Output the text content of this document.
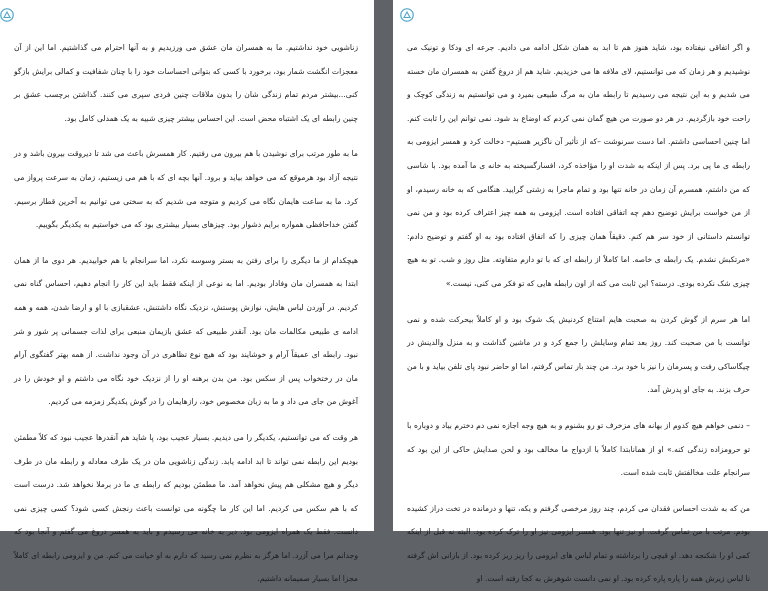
زناشویی خود نداشتیم. ما به همسران مان عشق می ورزیدیم و به آنها احترام می گذاشتیم. اما این از آن معجزات انگشت شمار بود، برخورد با کسی که بتوانی احساسات خود را با چنان شفافیت و کمالی برایش بازگو کنی...بیشتر مردم تمام زندگی شان را بدون ملاقات چنین فردی سپری می کنند. گذاشتن برچسب عشق بر چنین رابطه ای یک اشتباه محض است. این احساس بیشتر چیزی شبیه به یک همدلی کامل بود.

ما به طور مرتب برای نوشیدن با هم بیرون می رفتیم. کار همسرش باعث می شد تا دیروقت بیرون باشد و در نتیجه آزاد بود هرموقع که می خواهد بیاید و برود. آنها بچه ای که با هم می زیستیم، زمان به سرعت پرواز می کرد. ما به ساعت هایمان نگاه می کردیم و متوجه می شدیم که به سختی می توانیم به آخرین قطار برسیم. گفتن خداحافظی همواره برایم دشوار بود. چیزهای بسیار بیشتری بود که می خواستیم به یکدیگر بگوییم.

هیچکدام از ما دیگری را برای رفتن به بستر وسوسه نکرد، اما سرانجام با هم خوابیدیم. هر دوی ما از همان ابتدا به همسران مان وفادار بودیم. اما به نوعی از اینکه فقط باید این کار را انجام دهیم، احساس گناه نمی کردیم. در آوردن لباس هایش، نوازش پوستش، نزدیک نگاه داشتنش، عشقبازی با او و ارضا شدن، همه و همه ادامه ی طبیعی مکالمات مان بود. آنقدر طبیعی که عشق بازیمان منبعی برای لذات جسمانی پر شور و شر نبود. رابطه ای عمیقاً آرام و خوشایند بود که هیچ نوع تظاهری در آن وجود نداشت. از همه بهتر گفتگوی آرام مان در رختخواب پس از سکس بود. من بدن برهنه او را از نزدیک خود نگاه می داشتم و او خودش را در آغوش من جای می داد و ما به زبان مخصوص خود، رازهایمان را در گوش یکدیگر زمزمه می کردیم.

هر وقت که می توانستیم، یکدیگر را می دیدیم. بسیار عجیب بود، پا شاید هم آنقدرها عجیب نبود که کلاً مطمئن بودیم این رابطه نمی تواند تا ابد ادامه یابد. زندگی زناشویی مان در یک طرف معادله و رابطه مان در طرف دیگر و هیچ مشکلی هم پیش نخواهد آمد. ما مطمئن بودیم که رابطه ی ما در برملا نخواهد شد. درست است که با هم سکس می کردیم. اما این کار ما چگونه می توانست باعث رنجش کسی شود؟ کسی چیزی نمی دانست. فقط یک همراه ایزومی بود. دیر به خانه می رسیدم و باید به همسر دروغ می گفتم و آنجا بود که وجدانم مرا می آزرد. اما هرگز به نظرم نمی رسید که دارم به او خیانت می کنم. من و ایزومی رابطه ای کاملاً مجزا اما بسیار صمیمانه داشتیم.

و اگر اتفاقی نیفتاده بود، شاید هنوز هم تا ابد به همان شکل ادامه می دادیم. جرعه ای ودکا و تونیک می نوشیدیم و هر زمان که می توانستیم، لای ملافه ها می خزیدیم. شاید هم از دروغ گفتن به همسران مان خسته می شدیم و به این نتیجه می رسیدیم تا رابطه مان به مرگ طبیعی بمیرد و می توانستیم به زندگی کوچک و راحت خود بازگردیم. در هر دو صورت من هیچ گمان نمی کردم که اوضاع بد شود. نمی توانم این را ثابت کنم. اما چنین احساسی داشتم. اما دست سرنوشت –که از تأثیر آن ناگزیر هستیم– دخالت کرد و همسر ایزومی به رابطه ی ما پی برد. پس از اینکه به شدت او را مؤاخذه کرد، افسارگسیخته به خانه ی ما آمده بود. با شاسی که من داشتم، همسرم آن زمان در خانه تنها بود و تمام ماجرا به زشتی گرایید. هنگامی که به خانه رسیدم، او از من خواست برایش توضیح دهم چه اتفاقی افتاده است. ایزومی به همه چیز اعتراف کرده بود و من نمی توانستم داستانی از خود سر هم کنم. دقیقاً همان چیزی را که اتفاق افتاده بود به او گفتم و توضیح دادم: «مرتکبش نشدم. یک رابطه ی خاصه. اما کاملاً از رابطه ای که با تو دارم متفاوته. مثل روز و شب. تو به هیچ چیزی شک نکرده بودی. درسته؟ این ثابت می کنه از اون رابطه هایی که تو فکر می کنی، نیست.»

اما هر سرم از گوش کردن به صحبت هایم امتناع کردنیش یک شوک بود و او کاملاً بیحرکت شده و نمی توانست با من صحبت کند. روز بعد تمام وسایلش را جمع کرد و در ماشین گذاشت و به منزل والدینش در چیگاساکی رفت و پسرمان را نیز با خود برد. من چند بار تماس گرفتم، اما او حاضر نبود پای تلفن بیاید و با من حرف بزند. به جای او پدرش آمد.

– دنمی خواهم هیچ کدوم از بهانه های مزخرف تو رو بشنوم و به هیچ وجه اجازه نمی دم دخترم بیاد و دوباره با تو حرومزاده زندگی کنه.» او از همانابتدا کاملاً با ازدواج ما مخالف بود و لحن صدایش حاکی از این بود که سرانجام علت مخالفتش ثابت شده است.

من که به شدت احساس فقدان می کردم، چند روز مرخصی گرفتم و یکه، تنها و درمانده در تخت دراز کشیده بودم. مرتب با من تماس گرفت. او نیز تنها بود. همسر ایزومی نیز او را ترک کرده بود. البته نه قبل از اینکه کمی او را شکنجه دهد. او قیچی را برداشته و تمام لباس های ایزومی را ریز ریز کرده بود. از بارانی اش گرفته تا لباس زیرش همه را پاره پاره کرده بود. او نمی دانست شوهرش به کجا رفته است. او
